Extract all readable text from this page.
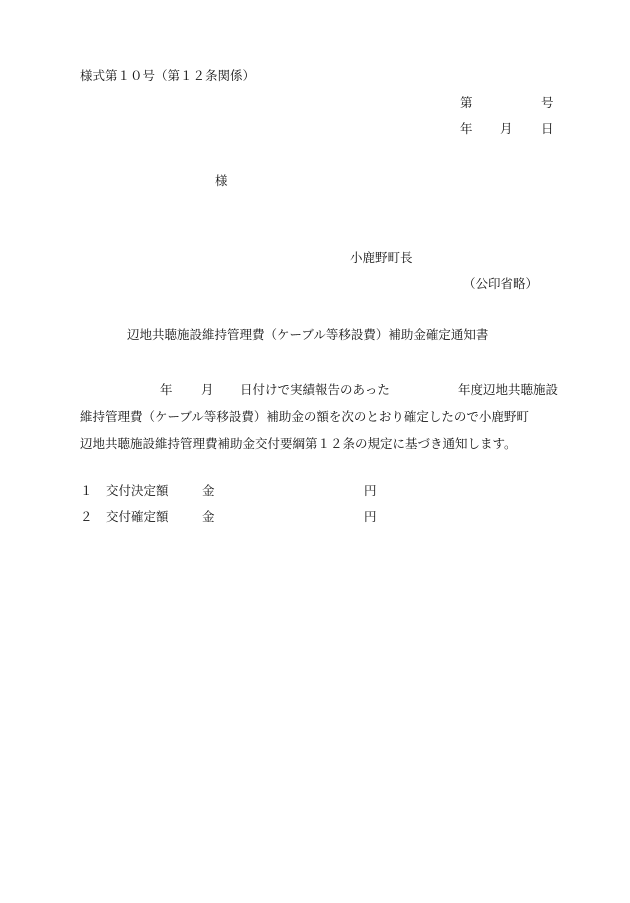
様式第１０号（第１２条関係）
第	号
年 月 日
様
小鹿野町長
（公印省略）
辺地共聴施設維持管理費（ケーブル等移設費）補助金確定通知書
年 月 日付けで実績報告のあった	年度辺地共聴施設
維持管理費（ケーブル等移設費）補助金の額を次のとおり確定したので小鹿野町
辺地共聴施設維持管理費補助金交付要綱第１２条の規定に基づき通知します。
１ 交付決定額	金	円
２ 交付確定額	金	円
